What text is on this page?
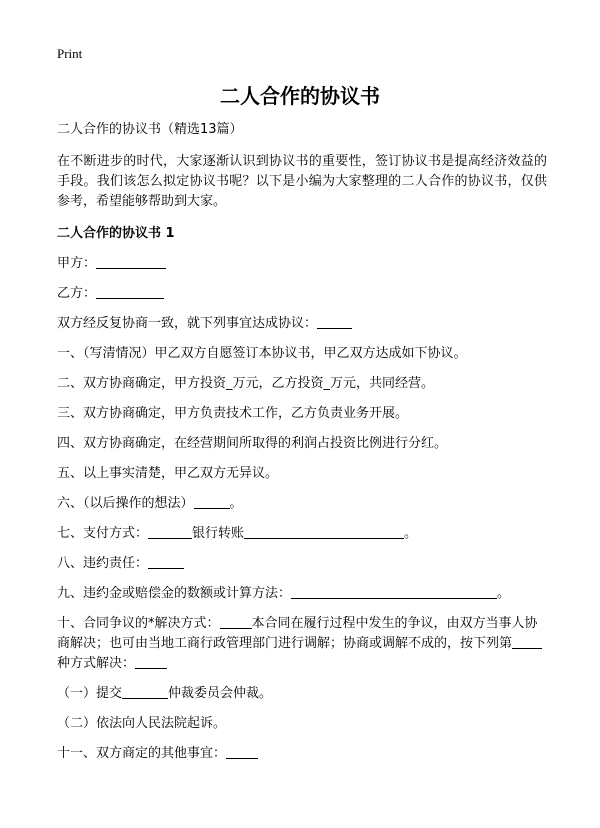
Print
二人合作的协议书

二人合作的协议书（精选13篇）

在不断进步的时代，大家逐渐认识到协议书的重要性，签订协议书是提高经济效益的手段。我们该怎么拟定协议书呢？以下是小编为大家整理的二人合作的协议书，仅供参考，希望能够帮助到大家。

二人合作的协议书 1

甲方：

乙方：

双方经反复协商一致，就下列事宜达成协议：

一、（写清情况）甲乙双方自愿签订本协议书，甲乙双方达成如下协议。

二、双方协商确定，甲方投资_万元，乙方投资_万元，共同经营。

三、双方协商确定，甲方负责技术工作，乙方负责业务开展。

四、双方协商确定，在经营期间所取得的利润占投资比例进行分红。

五、以上事实清楚，甲乙双方无异议。

六、（以后操作的想法）	。

七、支付方式：	银行转账	。

八、违约责任：

九、违约金或赔偿金的数额或计算方法：	。

十、合同争议的*解决方式： 本合同在履行过程中发生的争议，由双方当事人协商解决；也可由当地工商行政管理部门进行调解；协商或调解不成的，按下列第种方式解决：

（一）提交	仲裁委员会仲裁。

（二）依法向人民法院起诉。

十一、双方商定的其他事宜：
